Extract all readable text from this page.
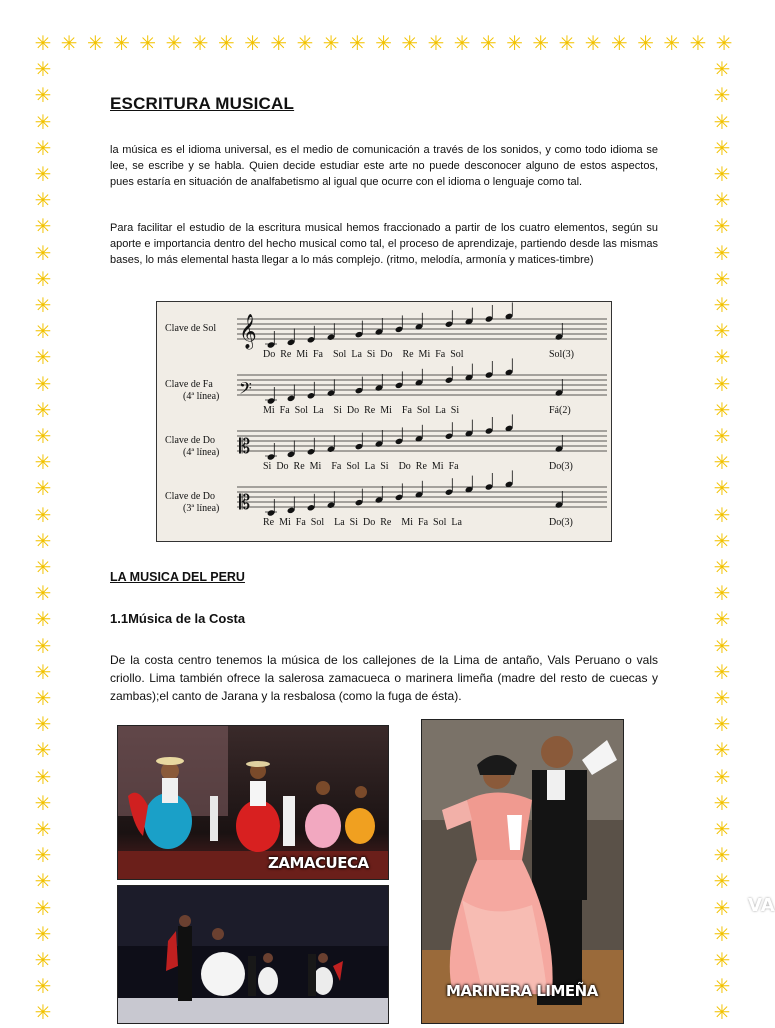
✳ ✳ ✳ ✳ ✳ ✳ ✳ ✳ ✳ ✳ ✳ ✳ ✳ ✳ ✳ ✳ ✳ ✳ ✳ ✳ ✳ ✳ ✳ ✳ ✳ ✳ ✳
✳	✳
✳	✳
✳	✳
✳	✳
✳	✳
✳	✳
✳	✳
✳	✳
✳	✳
✳	✳
✳	✳
✳	✳
✳	✳
✳	✳
✳	✳
✳	✳
✳	✳
✳	✳
✳	✳
✳	✳
✳	✳
✳	✳
✳	✳
✳	✳
✳	✳
✳	✳
✳	✳
✳	✳
✳	✳
✳	✳
✳	✳
✳	✳
✳	✳
✳	✳
✳	✳
✳	✳
✳	✳
ESCRITURA MUSICAL
la música es el idioma universal, es el medio de comunicación a través de los sonidos, y como todo idioma se lee, se escribe y se habla. Quien decide estudiar este arte no puede desconocer alguno de estos aspectos, pues estaría en situación de analfabetismo al igual que ocurre con el idioma o lenguaje como tal.
Para facilitar el estudio de la escritura musical hemos fraccionado a partir de los cuatro elementos, según su aporte e importancia dentro del hecho musical como tal, el proceso de aprendizaje, partiendo desde las mismas bases, lo más elemental hasta llegar a lo más complejo. (ritmo, melodía, armonía y matices-timbre)
Clave de Sol 𝄞
Do  Re  Mi  Fa    Sol  La  Si  Do    Re  Mi  Fa  Sol	Sol(3)
Clave de Fa
(4ª línea) 𝄢
Mi  Fa  Sol  La    Si  Do  Re  Mi    Fa  Sol  La  Si	Fá(2)
Clave de Do
(4ª línea) 𝄡
Si  Do  Re  Mi    Fa  Sol  La  Si    Do  Re  Mi  Fa	Do(3)
Clave de Do
(3ª línea) 𝄡
Re  Mi  Fa  Sol    La  Si  Do  Re    Mi  Fa  Sol  La	Do(3)
LA MUSICA DEL PERU
1.1Música de la Costa
De la costa centro tenemos la música de los callejones de la Lima de antaño, Vals Peruano o vals criollo. Lima también ofrece la salerosa zamacueca o marinera limeña (madre del resto de cuecas y zambas);el canto de Jarana y la resbalosa (como la fuga de ésta).
ZAMACUECA
MARINERA LIMEÑA
VA
